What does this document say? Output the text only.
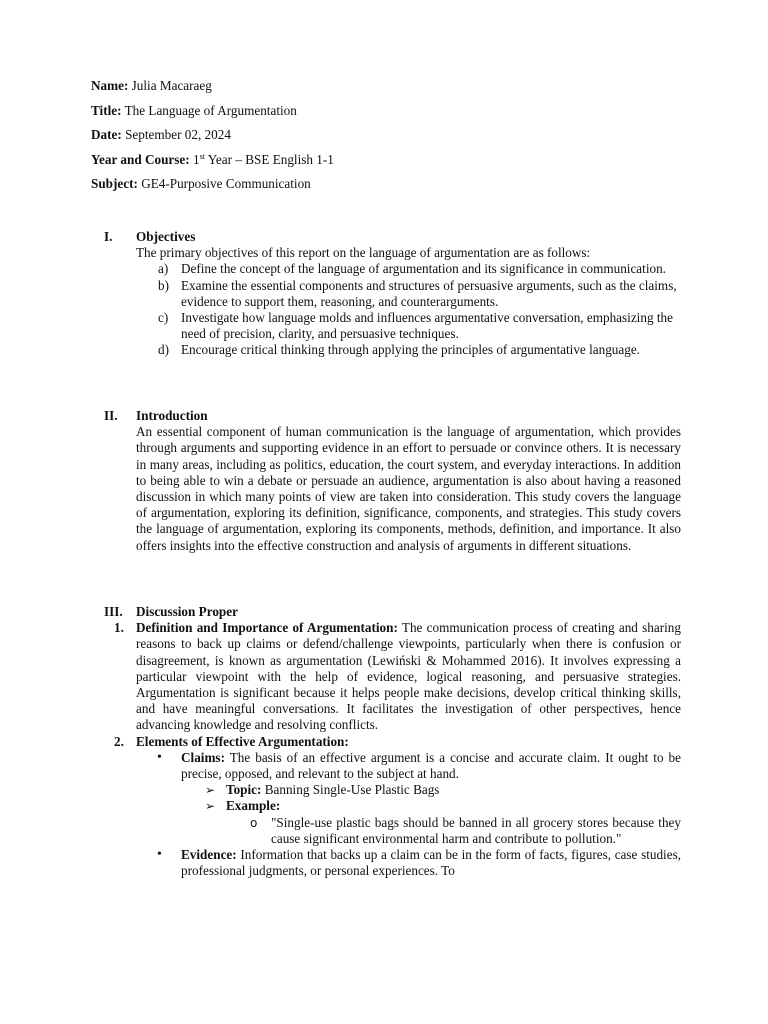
Name: Julia Macaraeg
Title: The Language of Argumentation
Date: September 02, 2024
Year and Course: 1st Year – BSE English 1-1
Subject: GE4-Purposive Communication
I. Objectives
The primary objectives of this report on the language of argumentation are as follows:
a) Define the concept of the language of argumentation and its significance in communication.
b) Examine the essential components and structures of persuasive arguments, such as the claims, evidence to support them, reasoning, and counterarguments.
c) Investigate how language molds and influences argumentative conversation, emphasizing the need of precision, clarity, and persuasive techniques.
d) Encourage critical thinking through applying the principles of argumentative language.
II. Introduction
An essential component of human communication is the language of argumentation, which provides through arguments and supporting evidence in an effort to persuade or convince others. It is necessary in many areas, including as politics, education, the court system, and everyday interactions. In addition to being able to win a debate or persuade an audience, argumentation is also about having a reasoned discussion in which many points of view are taken into consideration. This study covers the language of argumentation, exploring its definition, significance, components, and strategies. This study covers the language of argumentation, exploring its components, methods, definition, and importance. It also offers insights into the effective construction and analysis of arguments in different situations.
III. Discussion Proper
1. Definition and Importance of Argumentation: The communication process of creating and sharing reasons to back up claims or defend/challenge viewpoints, particularly when there is confusion or disagreement, is known as argumentation (Lewiński & Mohammed 2016). It involves expressing a particular viewpoint with the help of evidence, logical reasoning, and persuasive strategies. Argumentation is significant because it helps people make decisions, develop critical thinking skills, and have meaningful conversations. It facilitates the investigation of other perspectives, hence advancing knowledge and resolving conflicts.
2. Elements of Effective Argumentation:
• Claims: The basis of an effective argument is a concise and accurate claim. It ought to be precise, opposed, and relevant to the subject at hand.
➢ Topic: Banning Single-Use Plastic Bags
➢ Example:
o "Single-use plastic bags should be banned in all grocery stores because they cause significant environmental harm and contribute to pollution."
• Evidence: Information that backs up a claim can be in the form of facts, figures, case studies, professional judgments, or personal experiences. To
